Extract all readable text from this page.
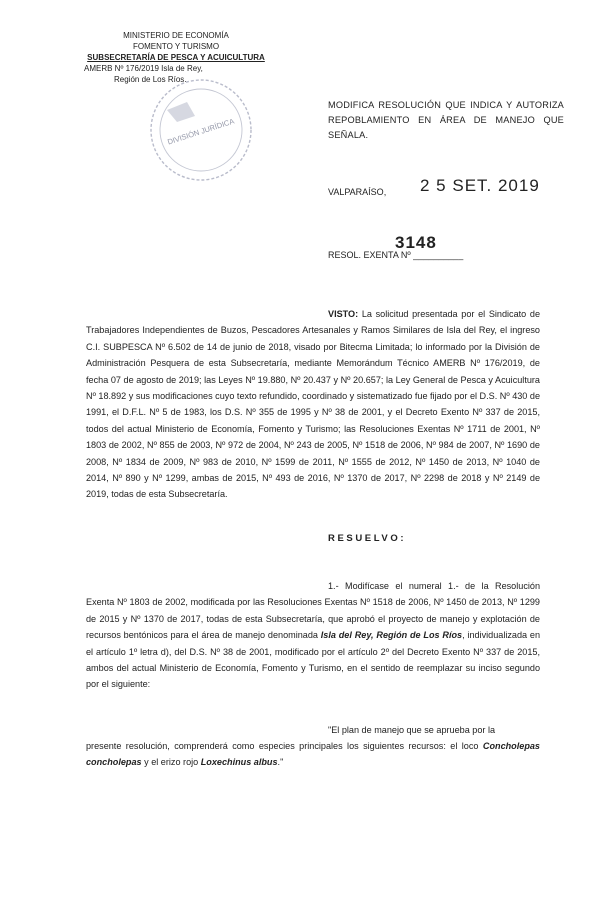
MINISTERIO DE ECONOMÍA
FOMENTO Y TURISMO
SUBSECRETARÍA DE PESCA Y ACUICULTURA
AMERB Nº 176/2019 Isla de Rey,
Región de Los Ríos.
DIVISIÓN JURÍDICA
MODIFICA RESOLUCIÓN QUE INDICA Y AUTORIZA REPOBLAMIENTO EN ÁREA DE MANEJO QUE SEÑALA.
VALPARAÍSO, 2 5 SET. 2019
RESOL. EXENTA Nº __________
3148
VISTO: La solicitud presentada por el Sindicato de Trabajadores Independientes de Buzos, Pescadores Artesanales y Ramos Similares de Isla del Rey, el ingreso C.I. SUBPESCA Nº 6.502 de 14 de junio de 2018, visado por Bitecma Limitada; lo informado por la División de Administración Pesquera de esta Subsecretaría, mediante Memorándum Técnico AMERB Nº 176/2019, de fecha 07 de agosto de 2019; las Leyes Nº 19.880, Nº 20.437 y Nº 20.657; la Ley General de Pesca y Acuicultura Nº 18.892 y sus modificaciones cuyo texto refundido, coordinado y sistematizado fue fijado por el D.S. Nº 430 de 1991, el D.F.L. Nº 5 de 1983, los D.S. Nº 355 de 1995 y Nº 38 de 2001, y el Decreto Exento Nº 337 de 2015, todos del actual Ministerio de Economía, Fomento y Turismo; las Resoluciones Exentas Nº 1711 de 2001, Nº 1803 de 2002, Nº 855 de 2003, Nº 972 de 2004, Nº 243 de 2005, Nº 1518 de 2006, Nº 984 de 2007, Nº 1690 de 2008, Nº 1834 de 2009, Nº 983 de 2010, Nº 1599 de 2011, Nº 1555 de 2012, Nº 1450 de 2013, Nº 1040 de 2014, Nº 890 y Nº 1299, ambas de 2015, Nº 493 de 2016, Nº 1370 de 2017, Nº 2298 de 2018 y Nº 2149 de 2019, todas de esta Subsecretaría.
RESUELVO:
1.- Modifícase el numeral 1.- de la Resolución Exenta Nº 1803 de 2002, modificada por las Resoluciones Exentas Nº 1518 de 2006, Nº 1450 de 2013, Nº 1299 de 2015 y Nº 1370 de 2017, todas de esta Subsecretaría, que aprobó el proyecto de manejo y explotación de recursos bentónicos para el área de manejo denominada Isla del Rey, Región de Los Ríos, individualizada en el artículo 1º letra d), del D.S. Nº 38 de 2001, modificado por el artículo 2º del Decreto Exento Nº 337 de 2015, ambos del actual Ministerio de Economía, Fomento y Turismo, en el sentido de reemplazar su inciso segundo por el siguiente:
"El plan de manejo que se aprueba por la
presente resolución, comprenderá como especies principales los siguientes recursos: el loco Concholepas concholepas y el erizo rojo Loxechinus albus."
